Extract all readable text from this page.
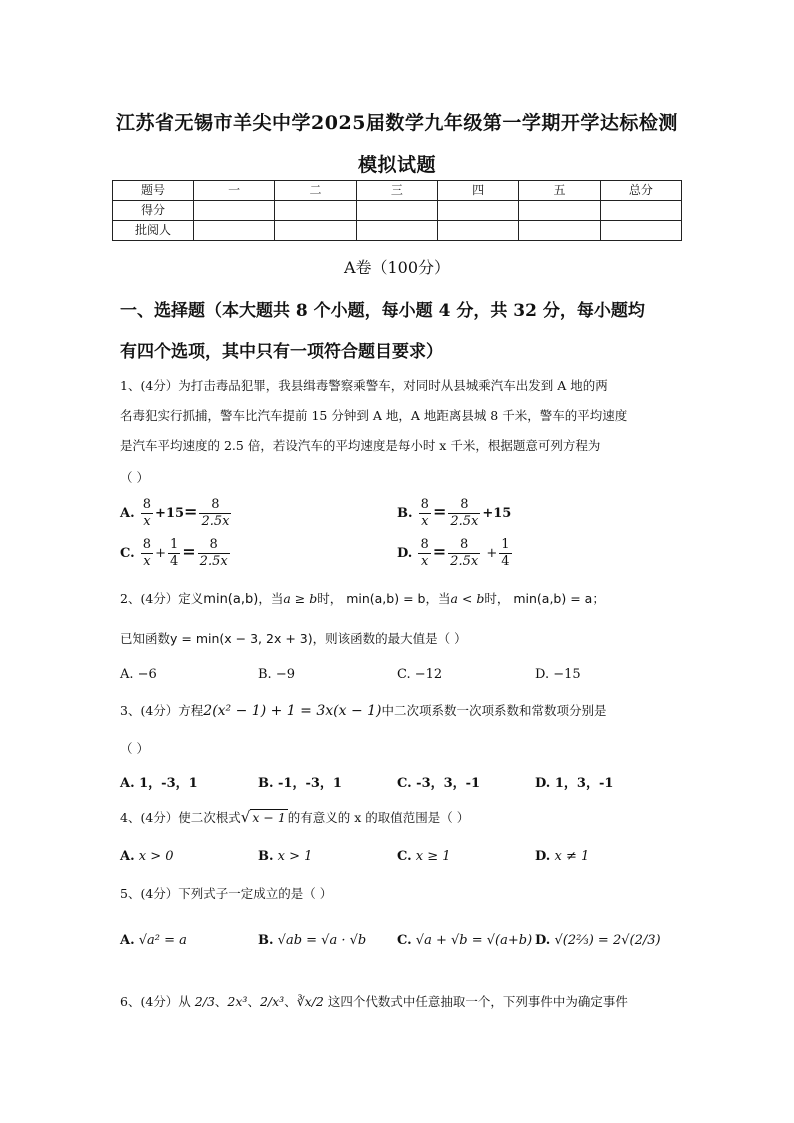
江苏省无锡市羊尖中学2025届数学九年级第一学期开学达标检测
模拟试题
题号	一	二	三	四	五	总分
得分						
批阅人						
A卷（100分）
一、选择题（本大题共 8 个小题，每小题 4 分，共 32 分，每小题均
有四个选项，其中只有一项符合题目要求）
1、(4分）为打击毒品犯罪，我县缉毒警察乘警车，对同时从县城乘汽车出发到 A 地的两
名毒犯实行抓捕，警车比汽车提前 15 分钟到 A 地，A 地距离县城 8 千米，警车的平均速度
是汽车平均速度的 2.5 倍，若设汽车的平均速度是每小时 x 千米，根据题意可列方程为
（ ）
A. $\frac{8}{x} +15= \frac{8}{2.5x}$	B. $\frac{8}{x} = \frac{8}{2.5x} +15$
C. $\frac{8}{x} + \frac{1}{4} = \frac{8}{2.5x}$	D. $\frac{8}{x} = \frac{8}{2.5x} + \frac{1}{4}$
2、(4分）定义min(a,b)，当a ≥ b时， min(a,b) = b，当a < b时， min(a,b) = a；
已知函数y = min(x − 3, 2x + 3)，则该函数的最大值是（ ）
A. −6	B. −9	C. −12	D. −15
3、(4分）方程2(x² − 1) + 1 = 3x(x − 1)中二次项系数一次项系数和常数项分别是
（ ）
A. 1，-3，1	B. -1，-3，1	C. -3，3，-1	D. 1，3，-1
4、(4分）使二次根式√ x − 1 的有意义的 x 的取值范围是（ ）
A. x > 0	B. x > 1	C. x ≥ 1	D. x ≠ 1
5、(4分）下列式子一定成立的是（ ）
A. √a² = a	B. √ab = √a · √b C. √a + √b = √(a+b) D. √(2⅔) = 2√(2/3)
6、(4分）从 2/3、2x³、2/x³、∛x/2 这四个代数式中任意抽取一个，下列事件中为确定事件
